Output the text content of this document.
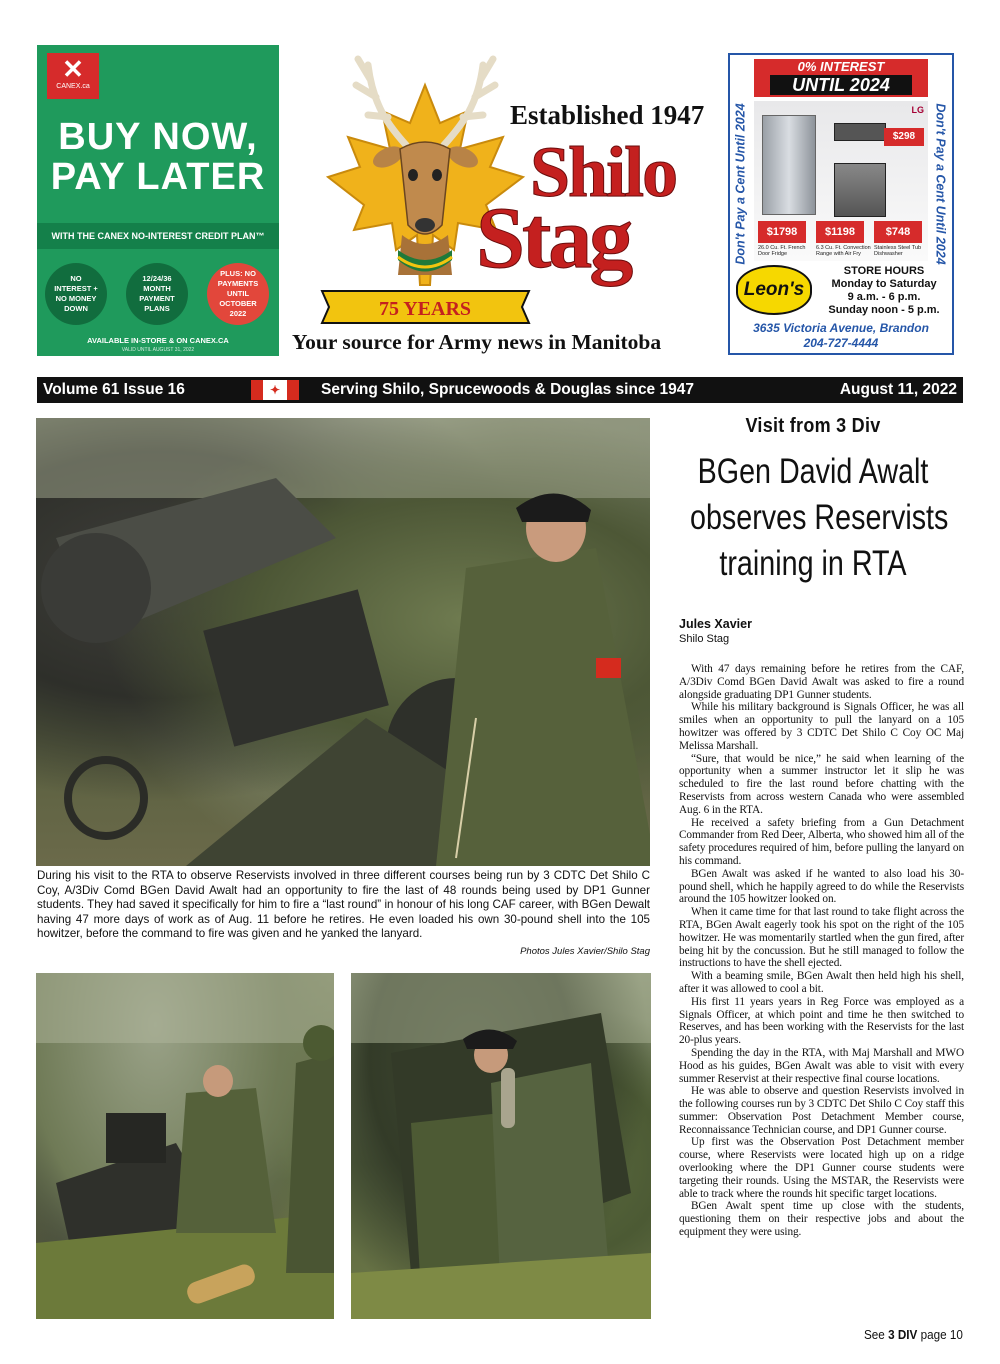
✕
CANEX.ca
BUY NOW,
PAY LATER
WITH THE CANEX NO-INTEREST CREDIT PLAN™
NO INTEREST + NO MONEY DOWN
12/24/36 MONTH PAYMENT PLANS
PLUS: NO PAYMENTS UNTIL OCTOBER 2022
AVAILABLE IN-STORE & ON CANEX.CA
VALID UNTIL AUGUST 31, 2022
75 YEARS
Established 1947
Shilo
Stag
Your source for Army news in Manitoba
Don't Pay a Cent Until 2024	Don't Pay a Cent Until 2024
0% INTEREST
UNTIL 2024
LG
$298
$1798	$1198	$748
26.0 Cu. Ft. French Door Fridge
6.3 Cu. Ft. Convection Range with Air Fry
Stainless Steel Tub Dishwasher
Leon's
STORE HOURS
Monday to Saturday
9 a.m. - 6 p.m.
Sunday noon - 5 p.m.
3635 Victoria Avenue, Brandon
204-727-4444
Volume 61 Issue 16	✦	Serving Shilo, Sprucewoods & Douglas since 1947	August 11, 2022
During his visit to the RTA to observe Reservists involved in three different courses being run by 3 CDTC Det Shilo C Coy, A/3Div Comd BGen David Awalt had an opportunity to fire the last of 48 rounds being used by DP1 Gunner students. They had saved it specifically for him to fire a “last round” in honour of his long CAF career, with BGen Dewalt having 47 more days of work as of Aug. 11 before he retires. He even loaded his own 30-pound shell into the 105 howitzer, before the command to fire was given and he yanked the lanyard.
Photos Jules Xavier/Shilo Stag
Visit from 3 Div
BGen David Awalt
observes Reservists
training in RTA
Jules Xavier
Shilo Stag

With 47 days remaining before he retires from the CAF, A/3Div Comd BGen David Awalt was asked to fire a round alongside graduating DP1 Gunner students.

While his military background is Signals Officer, he was all smiles when an opportunity to pull the lanyard on a 105 howitzer was offered by 3 CDTC Det Shilo C Coy OC Maj Melissa Marshall.

“Sure, that would be nice,” he said when learning of the opportunity when a summer instructor let it slip he was scheduled to fire the last round before chatting with the Reservists from across western Canada who were assembled Aug. 6 in the RTA.

He received a safety briefing from a Gun Detachment Commander from Red Deer, Alberta, who showed him all of the safety procedures required of him, before pulling the lanyard on his command.

BGen Awalt was asked if he wanted to also load his 30-pound shell, which he happily agreed to do while the Reservists around the 105 howitzer looked on.

When it came time for that last round to take flight across the RTA, BGen Awalt eagerly took his spot on the right of the 105 howitzer. He was momentarily startled when the gun fired, after being hit by the concussion. But he still managed to follow the instructions to have the shell ejected.

With a beaming smile, BGen Awalt then held high his shell, after it was allowed to cool a bit.

His first 11 years years in Reg Force was employed as a Signals Officer, at which point and time he then switched to Reserves, and has been working with the Reservists for the last 20-plus years.

Spending the day in the RTA, with Maj Marshall and MWO Hood as his guides, BGen Awalt was able to visit with every summer Reservist at their respective final course locations.

He was able to observe and question Reservists involved in the following courses run by 3 CDTC Det Shilo C Coy staff this summer: Observation Post Detachment Member course, Reconnaissance Technician course, and DP1 Gunner course.

Up first was the Observation Post Detachment member course, where Reservists were located high up on a ridge overlooking where the DP1 Gunner course students were targeting their rounds. Using the MSTAR, the Reservists were able to track where the rounds hit specific target locations.

BGen Awalt spent time up close with the students, questioning them on their respective jobs and about the equipment they were using.

See 3 DIV page 10
